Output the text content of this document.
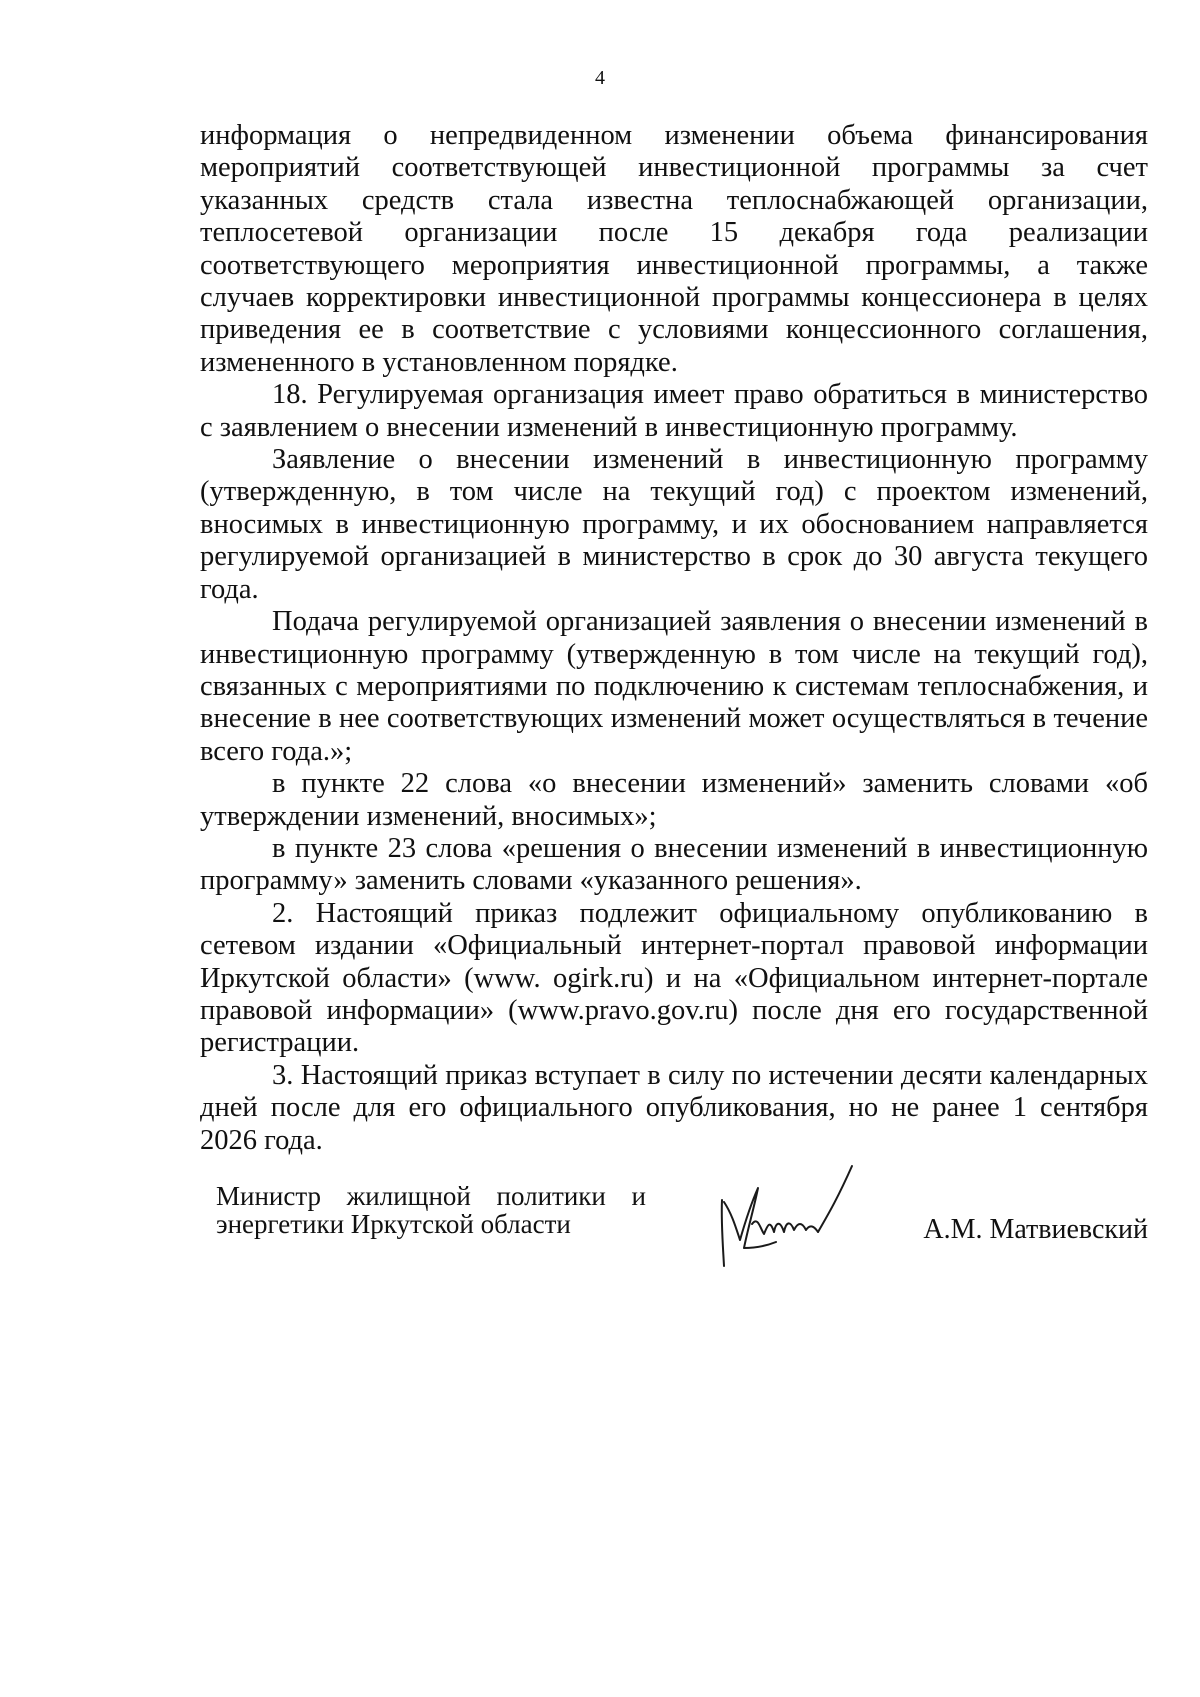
4

информация о непредвиденном изменении объема финансирования мероприятий соответствующей инвестиционной программы за счет указанных средств стала известна теплоснабжающей организации, теплосетевой организации после 15 декабря года реализации соответствующего мероприятия инвестиционной программы, а также случаев корректировки инвестиционной программы концессионера в целях приведения ее в соответствие с условиями концессионного соглашения, измененного в установленном порядке.

18. Регулируемая организация имеет право обратиться в министерство с заявлением о внесении изменений в инвестиционную программу.

Заявление о внесении изменений в инвестиционную программу (утвержденную, в том числе на текущий год) с проектом изменений, вносимых в инвестиционную программу, и их обоснованием направляется регулируемой организацией в министерство в срок до 30 августа текущего года.

Подача регулируемой организацией заявления о внесении изменений в инвестиционную программу (утвержденную в том числе на текущий год), связанных с мероприятиями по подключению к системам теплоснабжения, и внесение в нее соответствующих изменений может осуществляться в течение всего года.»;

в пункте 22 слова «о внесении изменений» заменить словами «об утверждении изменений, вносимых»;

в пункте 23 слова «решения о внесении изменений в инвестиционную программу» заменить словами «указанного решения».

2. Настоящий приказ подлежит официальному опубликованию в сетевом издании «Официальный интернет-портал правовой информации Иркутской области» (www. ogirk.ru) и на «Официальном интернет-портале правовой информации» (www.pravo.gov.ru) после дня его государственной регистрации.

3. Настоящий приказ вступает в силу по истечении десяти календарных дней после для его официального опубликования, но не ранее 1 сентября 2026 года.

Министр жилищной политики и
энергетики Иркутской области	А.М. Матвиевский
